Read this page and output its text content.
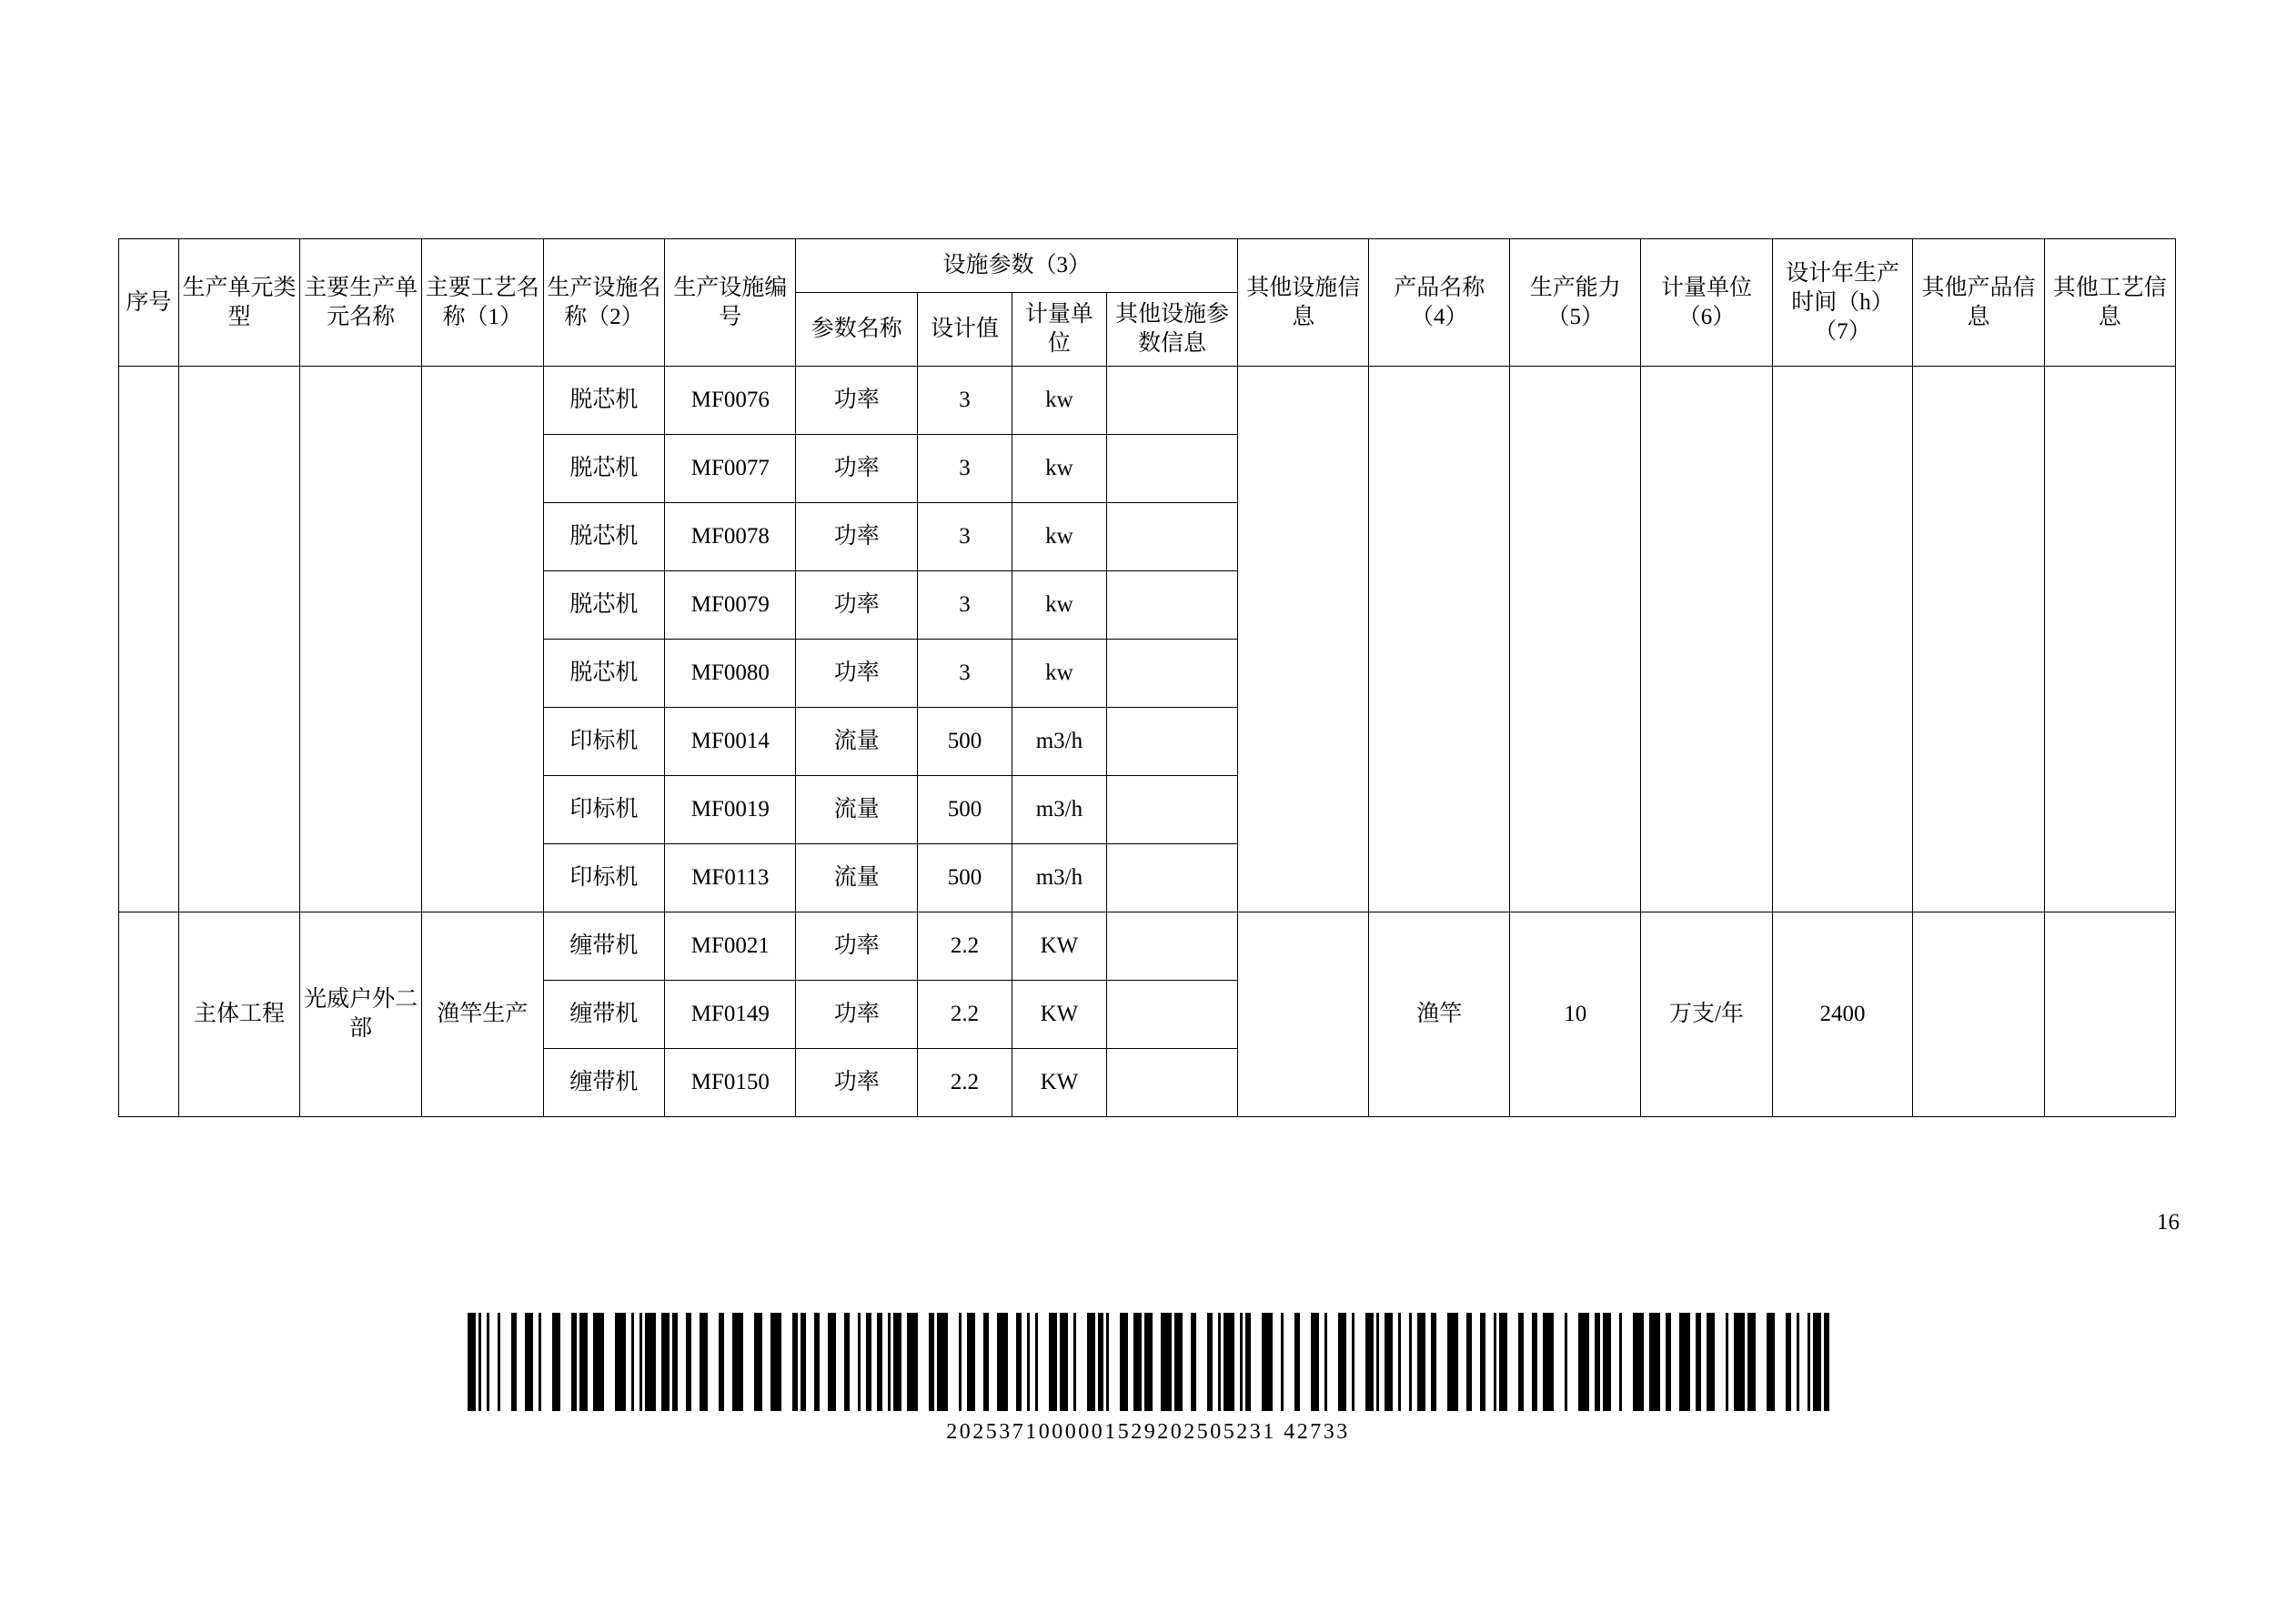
序号	生产单元类型	主要生产单元名称	主要工艺名称（1）	生产设施名称（2）	生产设施编号	设施参数（3）				其他设施信息	产品名称（4）	生产能力（5）	计量单位（6）	设计年生产时间（h）（7）	其他产品信息	其他工艺信息
						参数名称	设计值	计量单位	其他设施参数信息							
				脱芯机	MF0076	功率	3	kw								
				脱芯机	MF0077	功率	3	kw								
				脱芯机	MF0078	功率	3	kw								
				脱芯机	MF0079	功率	3	kw								
				脱芯机	MF0080	功率	3	kw								
				印标机	MF0014	流量	500	m3/h								
				印标机	MF0019	流量	500	m3/h								
				印标机	MF0113	流量	500	m3/h								
	主体工程	光威户外二部	渔竿生产	缠带机	MF0021	功率	2.2	KW			渔竿	10	万支/年	2400		
				缠带机	MF0149	功率	2.2	KW								
				缠带机	MF0150	功率	2.2	KW								
16
2025371000001529202505231 42733
